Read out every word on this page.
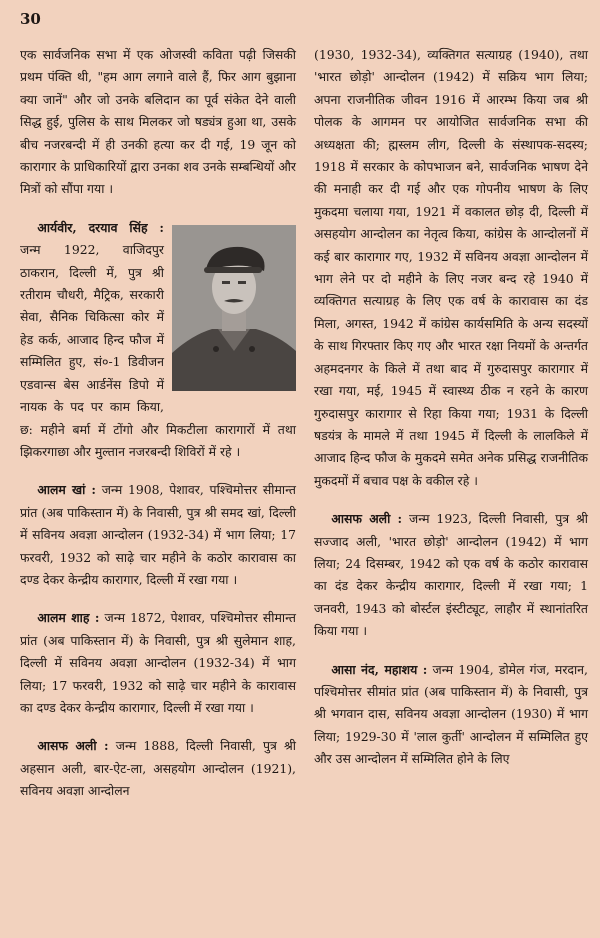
30

एक सार्वजनिक सभा में एक ओजस्वी कविता पढ़ी जिसकी प्रथम पंक्ति थी, "हम आग लगाने वाले हैं, फिर आग बुझाना क्या जानें" और जो उनके बलिदान का पूर्व संकेत देने वाली सिद्ध हुई, पुलिस के साथ मिलकर जो षड्यंत्र हुआ था, उसके बीच नजरबन्दी में ही उनकी हत्या कर दी गई, 19 जून को कारागार के प्राधिकारियों द्वारा उनका शव उनके सम्बन्धियों और मित्रों को सौंपा गया ।

आर्यवीर, दरयाव सिंह : जन्म 1922, वाजिदपुर ठाकरान, दिल्ली में, पुत्र श्री रतीराम चौधरी, मैट्रिक, सरकारी सेवा, सैनिक चिकित्सा कोर में हेड कर्क, आजाद हिन्द फौज में सम्मिलित हुए, सं०-1 डिवीजन एडवान्स बेस आर्डनेंस डिपो में नायक के पद पर काम किया, छ: महीने बर्मा में टोंगो और मिकटीला कारागारों में तथा झिकरगाछा और मुल्तान नजरबन्दी शिविरों में रहे ।

आलम खां : जन्म 1908, पेशावर, पश्चिमोत्तर सीमान्त प्रांत (अब पाकिस्तान में) के निवासी, पुत्र श्री समद खां, दिल्ली में सविनय अवज्ञा आन्दोलन (1932-34) में भाग लिया; 17 फरवरी, 1932 को साढ़े चार महीने के कठोर कारावास का दण्ड देकर केन्द्रीय कारागार, दिल्ली में रखा गया ।

आलम शाह : जन्म 1872, पेशावर, पश्चिमोत्तर सीमान्त प्रांत (अब पाकिस्तान में) के निवासी, पुत्र श्री सुलेमान शाह, दिल्ली में सविनय अवज्ञा आन्दोलन (1932-34) में भाग लिया; 17 फरवरी, 1932 को साढ़े चार महीने के कारावास का दण्ड देकर केन्द्रीय कारागार, दिल्ली में रखा गया ।

आसफ अली : जन्म 1888, दिल्ली निवासी, पुत्र श्री अहसान अली, बार-ऐट-ला, असहयोग आन्दोलन (1921), सविनय अवज्ञा आन्दोलन

(1930, 1932-34), व्यक्तिगत सत्याग्रह (1940), तथा 'भारत छोड़ो' आन्दोलन (1942) में सक्रिय भाग लिया; अपना राजनीतिक जीवन 1916 में आरम्भ किया जब श्री पोलक के आगमन पर आयोजित सार्वजनिक सभा की अध्यक्षता की; ह्मस्लम लीग, दिल्ली के संस्थापक-सदस्य; 1918 में सरकार के कोपभाजन बने, सार्वजनिक भाषण देने की मनाही कर दी गई और एक गोपनीय भाषण के लिए मुकदमा चलाया गया, 1921 में वकालत छोड़ दी, दिल्ली में असहयोग आन्दोलन का नेतृत्व किया, कांग्रेस के आन्दोलनों में कई बार कारागार गए, 1932 में सविनय अवज्ञा आन्दोलन में भाग लेने पर दो महीने के लिए नजर बन्द रहे 1940 में व्यक्तिगत सत्याग्रह के लिए एक वर्ष के कारावास का दंड मिला, अगस्त, 1942 में कांग्रेस कार्यसमिति के अन्य सदस्यों के साथ गिरफ्तार किए गए और भारत रक्षा नियमों के अन्तर्गत अहमदनगर के किले में तथा बाद में गुरुदासपुर कारागार में रखा गया, मई, 1945 में स्वास्थ्य ठीक न रहने के कारण गुरुदासपुर कारागार से रिहा किया गया; 1931 के दिल्ली षडयंत्र के मामले में तथा 1945 में दिल्ली के लालकिले में आजाद हिन्द फौज के मुकदमे समेत अनेक प्रसिद्ध राजनीतिक मुकदमों में बचाव पक्ष के वकील रहे ।

आसफ अली : जन्म 1923, दिल्ली निवासी, पुत्र श्री सज्जाद अली, 'भारत छोड़ो' आन्दोलन (1942) में भाग लिया; 24 दिसम्बर, 1942 को एक वर्ष के कठोर कारावास का दंड देकर केन्द्रीय कारागार, दिल्ली में रखा गया; 1 जनवरी, 1943 को बोर्स्टल इंस्टीट्यूट, लाहौर में स्थानांतरित किया गया ।

आसा नंद, महाशय : जन्म 1904, डोमेल गंज, मरदान, पश्चिमोत्तर सीमांत प्रांत (अब पाकिस्तान में) के निवासी, पुत्र श्री भगवान दास, सविनय अवज्ञा आन्दोलन (1930) में भाग लिया; 1929-30 में 'लाल कुर्ती' आन्दोलन में सम्मिलित हुए और उस आन्दोलन में सम्मिलित होने के लिए
